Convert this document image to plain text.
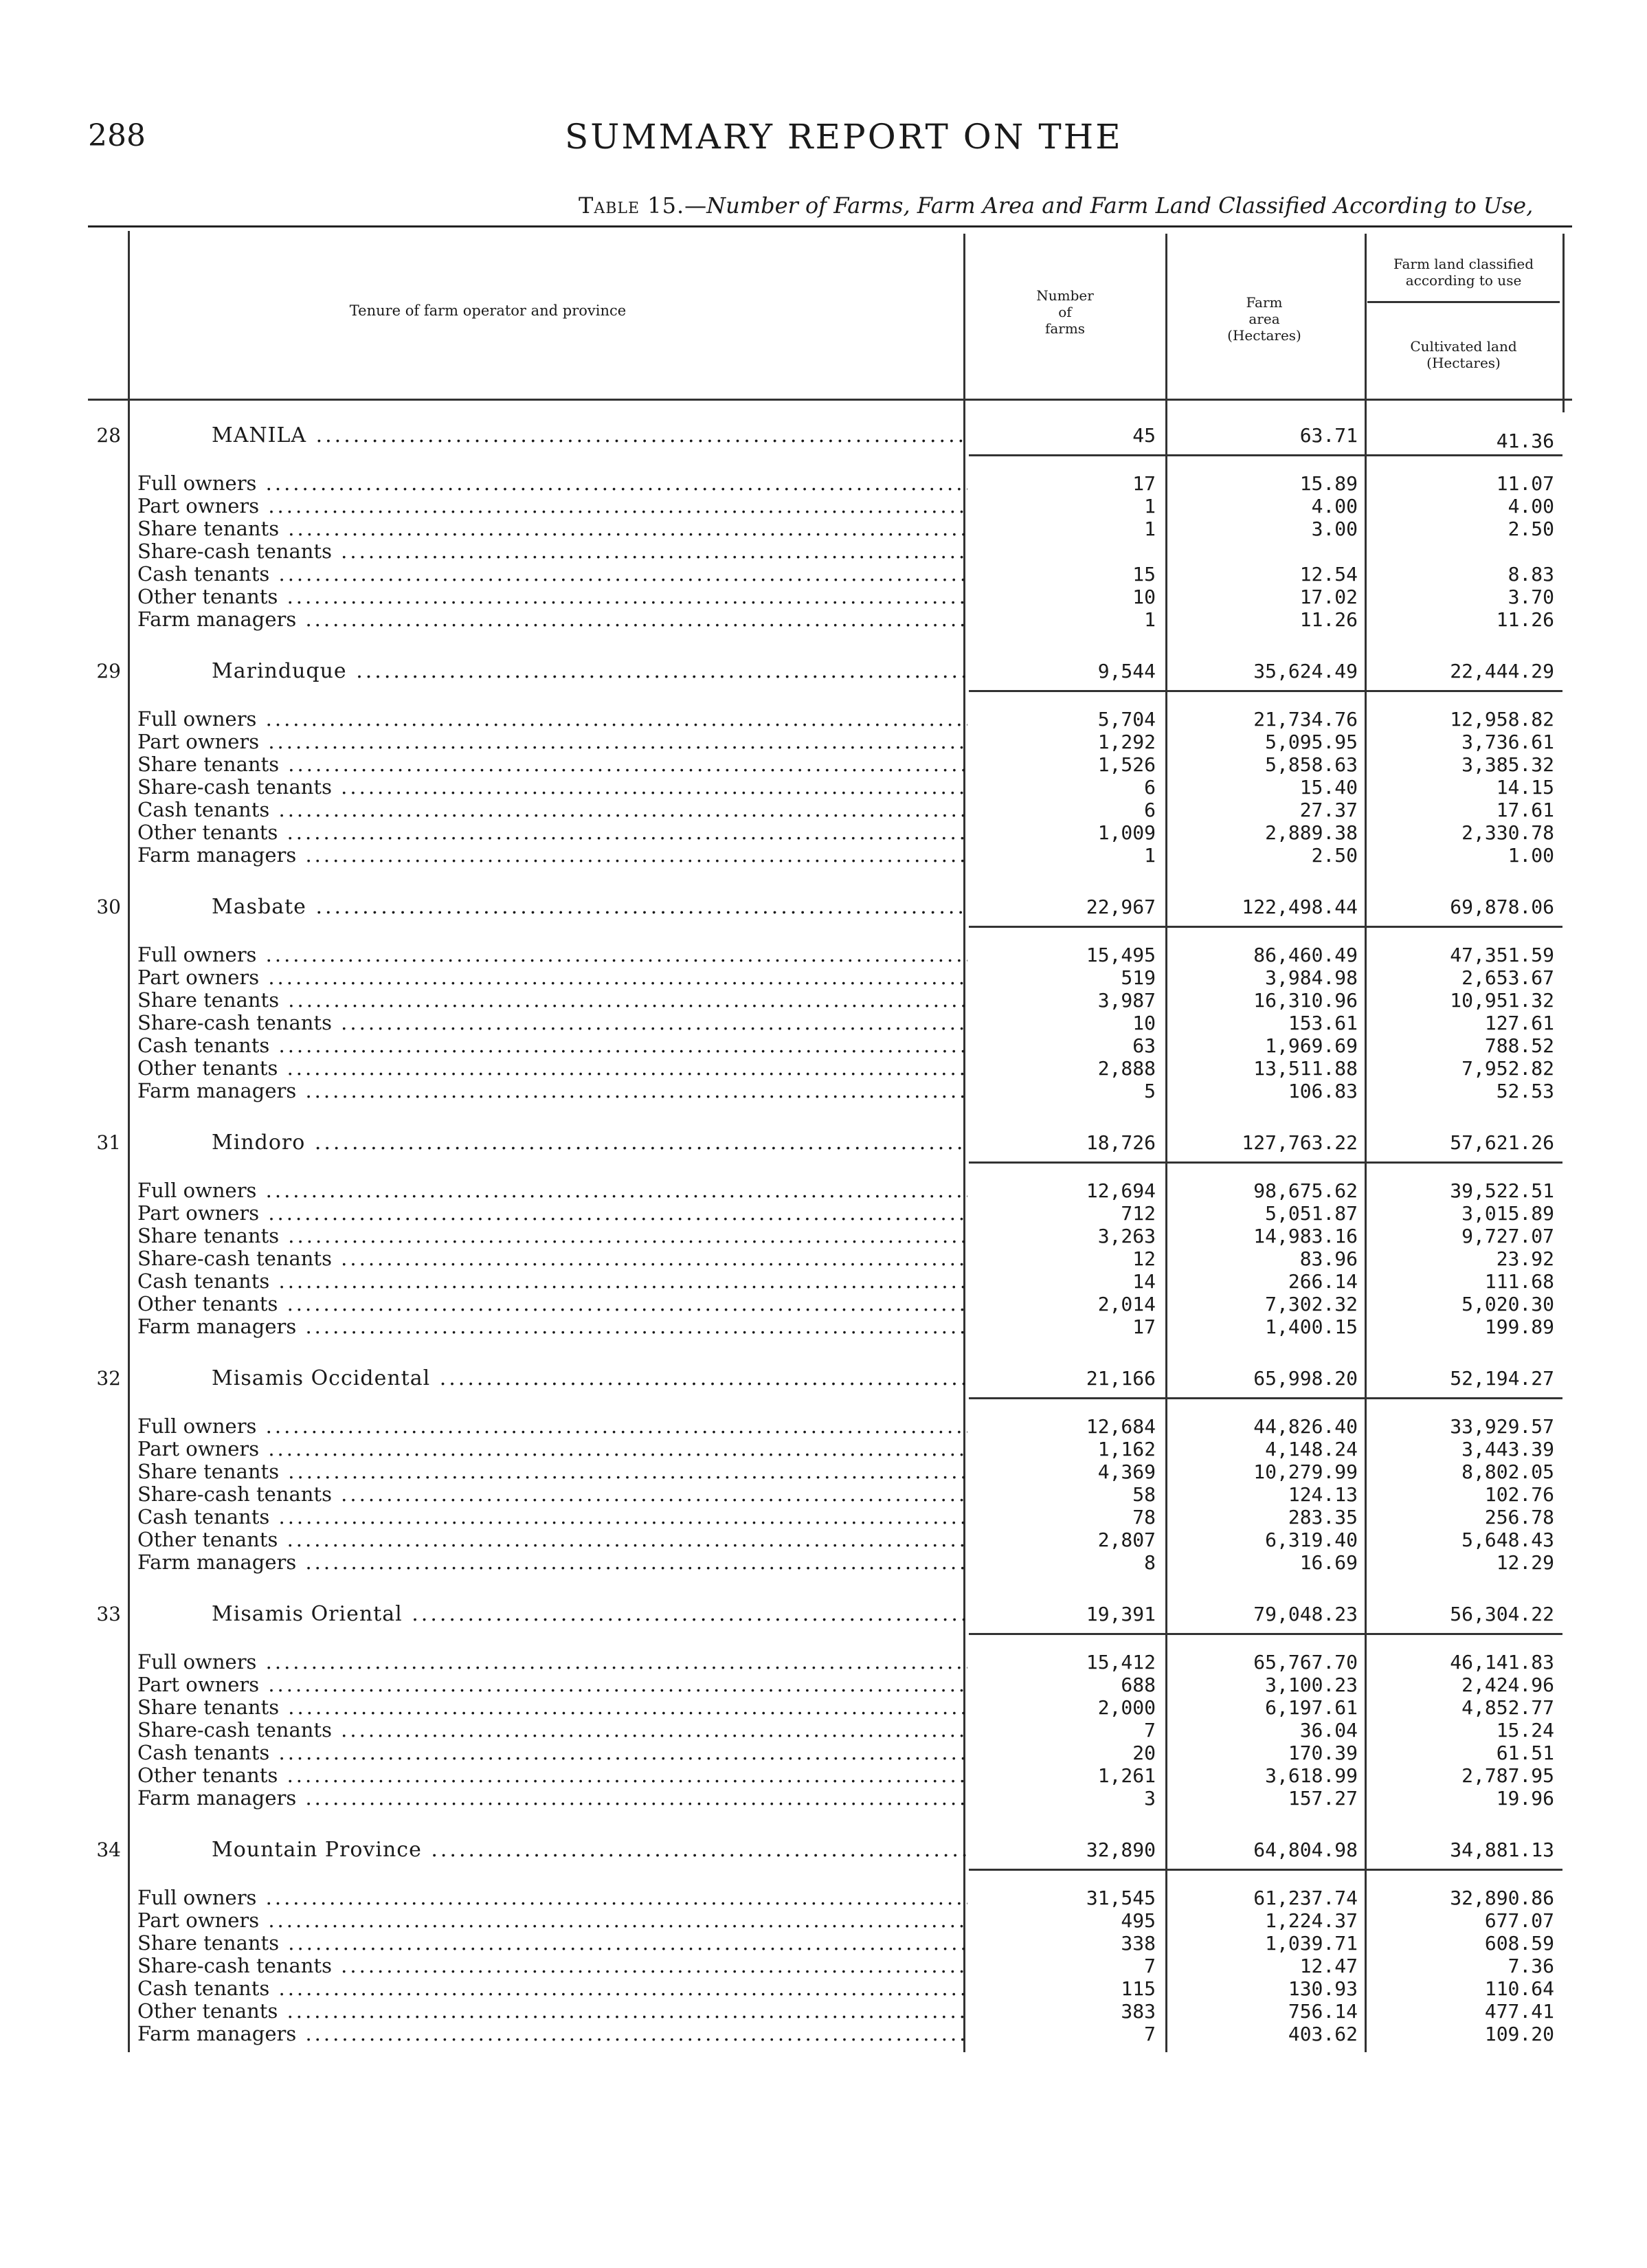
288	SUMMARY REPORT ON THE
Table 15.—Number of Farms, Farm Area and Farm Land Classified According to Use,
Tenure of farm operator and province
Number
of
farms
Farm
area
(Hectares)
Farm land classified
according to use
Cultivated land
(Hectares)
28	MANILA .....	45	63.71	41.36
Full owners .....	17	15.89	11.07
Part owners .....	1	4.00	4.00
Share tenants .....	1	3.00	2.50
Share-cash tenants .....
Cash tenants .....	15	12.54	8.83
Other tenants .....	10	17.02	3.70
Farm managers .....	1	11.26	11.26
29	Marinduque .....	9,544	35,624.49	22,444.29
Full owners .....	5,704	21,734.76	12,958.82
Part owners .....	1,292	5,095.95	3,736.61
Share tenants .....	1,526	5,858.63	3,385.32
Share-cash tenants .....	6	15.40	14.15
Cash tenants .....	6	27.37	17.61
Other tenants .....	1,009	2,889.38	2,330.78
Farm managers .....	1	2.50	1.00
30	Masbate .....	22,967	122,498.44	69,878.06
Full owners .....	15,495	86,460.49	47,351.59
Part owners .....	519	3,984.98	2,653.67
Share tenants .....	3,987	16,310.96	10,951.32
Share-cash tenants .....	10	153.61	127.61
Cash tenants .....	63	1,969.69	788.52
Other tenants .....	2,888	13,511.88	7,952.82
Farm managers .....	5	106.83	52.53
31	Mindoro .....	18,726	127,763.22	57,621.26
Full owners .....	12,694	98,675.62	39,522.51
Part owners .....	712	5,051.87	3,015.89
Share tenants .....	3,263	14,983.16	9,727.07
Share-cash tenants .....	12	83.96	23.92
Cash tenants .....	14	266.14	111.68
Other tenants .....	2,014	7,302.32	5,020.30
Farm managers .....	17	1,400.15	199.89
32	Misamis Occidental .....	21,166	65,998.20	52,194.27
Full owners .....	12,684	44,826.40	33,929.57
Part owners .....	1,162	4,148.24	3,443.39
Share tenants .....	4,369	10,279.99	8,802.05
Share-cash tenants .....	58	124.13	102.76
Cash tenants .....	78	283.35	256.78
Other tenants .....	2,807	6,319.40	5,648.43
Farm managers .....	8	16.69	12.29
33	Misamis Oriental .....	19,391	79,048.23	56,304.22
Full owners .....	15,412	65,767.70	46,141.83
Part owners .....	688	3,100.23	2,424.96
Share tenants .....	2,000	6,197.61	4,852.77
Share-cash tenants .....	7	36.04	15.24
Cash tenants .....	20	170.39	61.51
Other tenants .....	1,261	3,618.99	2,787.95
Farm managers .....	3	157.27	19.96
34	Mountain Province .....	32,890	64,804.98	34,881.13
Full owners .....	31,545	61,237.74	32,890.86
Part owners .....	495	1,224.37	677.07
Share tenants .....	338	1,039.71	608.59
Share-cash tenants .....	7	12.47	7.36
Cash tenants .....	115	130.93	110.64
Other tenants .....	383	756.14	477.41
Farm managers .....	7	403.62	109.20
